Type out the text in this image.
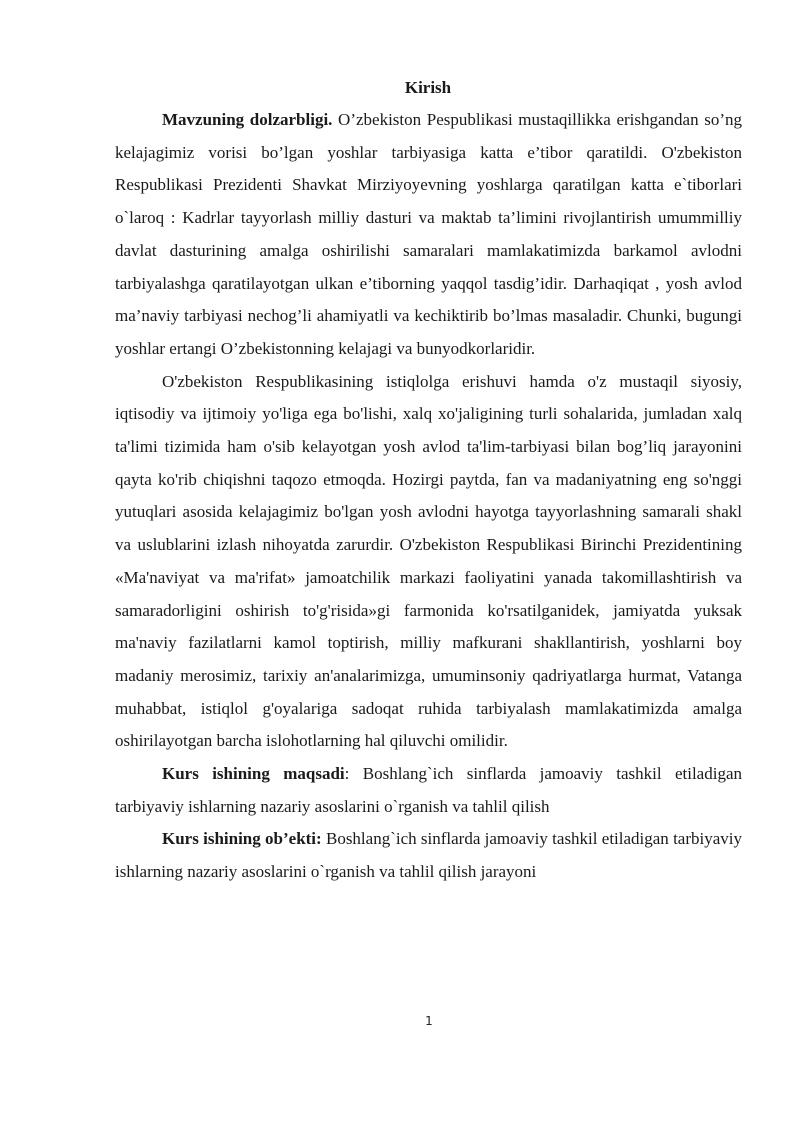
Kirish

Mavzuning dolzarbligi. O’zbekiston Pespublikasi mustaqillikka erishgandan so’ng kelajagimiz vorisi bo’lgan yoshlar tarbiyasiga katta e’tibor qaratildi. O'zbekiston Respublikasi Prezidenti Shavkat Mirziyoyevning yoshlarga qaratilgan katta e`tiborlari o`laroq : Kadrlar tayyorlash milliy dasturi va maktab ta’limini rivojlantirish umummilliy davlat dasturining amalga oshirilishi samaralari mamlakatimizda barkamol avlodni tarbiyalashga qaratilayotgan ulkan e’tiborning yaqqol tasdig’idir. Darhaqiqat , yosh avlod ma’naviy tarbiyasi nechog’li ahamiyatli va kechiktirib bo’lmas masaladir. Chunki, bugungi yoshlar ertangi O’zbekistonning kelajagi va bunyodkorlaridir.

O'zbekiston Respublikasining istiqlolga erishuvi hamda o'z mustaqil siyosiy, iqtisodiy va ijtimoiy yo'liga ega bo'lishi, xalq xo'jaligining turli sohalarida, jumladan xalq ta'limi tizimida ham o'sib kelayotgan yosh avlod ta'lim-tarbiyasi bilan bog’liq jarayonini qayta ko'rib chiqishni taqozo etmoqda. Hozirgi paytda, fan va madaniyatning eng so'nggi yutuqlari asosida kelajagimiz bo'lgan yosh avlodni hayotga tayyorlashning samarali shakl va uslublarini izlash nihoyatda zarurdir. O'zbekiston Respublikasi Birinchi Prezidentining «Ma'naviyat va ma'rifat» jamoatchilik markazi faoliyatini yanada takomillashtirish va samaradorligini oshirish to'g'risida»gi farmonida ko'rsatilganidek, jamiyatda yuksak ma'naviy fazilatlarni kamol toptirish, milliy mafkurani shakllantirish, yoshlarni boy madaniy merosimiz, tarixiy an'analarimizga, umuminsoniy qadriyatlarga hurmat, Vatanga muhabbat, istiqlol g'oyalariga sadoqat ruhida tarbiyalash mamlakatimizda amalga oshirilayotgan barcha islohotlarning hal qiluvchi omilidir.

Kurs ishining maqsadi: Boshlang`ich sinflarda jamoaviy tashkil etiladigan tarbiyaviy ishlarning nazariy asoslarini o`rganish va tahlil qilish

Kurs ishining ob’ekti: Boshlang`ich sinflarda jamoaviy tashkil etiladigan tarbiyaviy ishlarning nazariy asoslarini o`rganish va tahlil qilish jarayoni

1
